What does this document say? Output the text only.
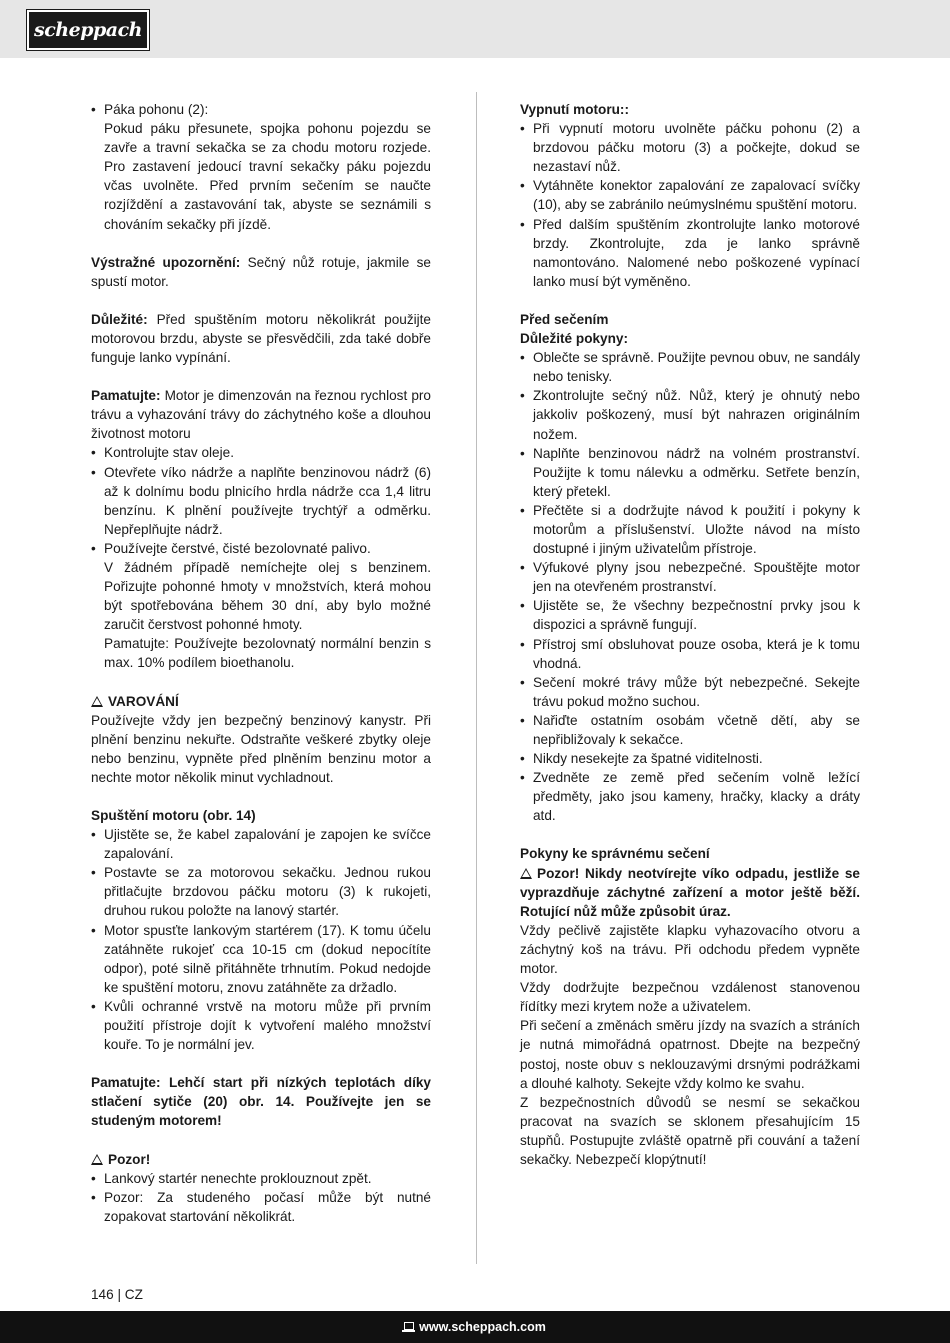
scheppach
• Páka pohonu (2):
Pokud páku přesunete, spojka pohonu pojezdu se zavře a travní sekačka se za chodu motoru rozjede. Pro zastavení jedoucí travní sekačky páku pojezdu včas uvolněte. Před prvním sečením se naučte rozjíždění a zastavování tak, abyste se seznámili s chováním sekačky při jízdě.

Výstražné upozornění: Sečný nůž rotuje, jakmile se spustí motor.

Důležité: Před spuštěním motoru několikrát použijte motorovou brzdu, abyste se přesvědčili, zda také dobře funguje lanko vypínání.

Pamatujte: Motor je dimenzován na řeznou rychlost pro trávu a vyhazování trávy do záchytného koše a dlouhou životnost motoru

• Kontrolujte stav oleje.
• Otevřete víko nádrže a naplňte benzinovou nádrž (6) až k dolnímu bodu plnicího hrdla nádrže cca 1,4 litru benzínu. K plnění používejte trychtýř a odměrku. Nepřeplňujte nádrž.
• Používejte čerstvé, čisté bezolovnaté palivo.
V žádném případě nemíchejte olej s benzinem. Pořizujte pohonné hmoty v množstvích, která mohou být spotřebována během 30 dní, aby bylo možné zaručit čerstvost pohonné hmoty.
Pamatujte: Používejte bezolovnatý normální benzin s max. 10% podílem bioethanolu.

VAROVÁNÍ

Používejte vždy jen bezpečný benzinový kanystr. Při plnění benzinu nekuřte. Odstraňte veškeré zbytky oleje nebo benzinu, vypněte před plněním benzinu motor a nechte motor několik minut vychladnout.

Spuštění motoru (obr. 14)

• Ujistěte se, že kabel zapalování je zapojen ke svíčce zapalování.
• Postavte se za motorovou sekačku. Jednou rukou přitlačujte brzdovou páčku motoru (3) k rukojeti, druhou rukou položte na lanový startér.
• Motor spusťte lankovým startérem (17). K tomu účelu zatáhněte rukojeť cca 10-15 cm (dokud nepocítíte odpor), poté silně přitáhněte trhnutím. Pokud nedojde ke spuštění motoru, znovu zatáhněte za držadlo.
• Kvůli ochranné vrstvě na motoru může při prvním použití přístroje dojít k vytvoření malého množství kouře. To je normální jev.

Pamatujte: Lehčí start při nízkých teplotách díky stlačení sytiče (20) obr. 14. Používejte jen se studeným motorem!

Pozor!

• Lankový startér nenechte proklouznout zpět.
• Pozor: Za studeného počasí může být nutné zopakovat startování několikrát.

Vypnutí motoru::

• Při vypnutí motoru uvolněte páčku pohonu (2) a brzdovou páčku motoru (3) a počkejte, dokud se nezastaví nůž.
• Vytáhněte konektor zapalování ze zapalovací svíčky (10), aby se zabránilo neúmyslnému spuštění motoru.
• Před dalším spuštěním zkontrolujte lanko motorové brzdy. Zkontrolujte, zda je lanko správně namontováno. Nalomené nebo poškozené vypínací lanko musí být vyměněno.

Před sečením

Důležité pokyny:

• Oblečte se správně. Použijte pevnou obuv, ne sandály nebo tenisky.
• Zkontrolujte sečný nůž. Nůž, který je ohnutý nebo jakkoliv poškozený, musí být nahrazen originálním nožem.
• Naplňte benzinovou nádrž na volném prostranství. Použijte k tomu nálevku a odměrku. Setřete benzín, který přetekl.
• Přečtěte si a dodržujte návod k použití i pokyny k motorům a příslušenství. Uložte návod na místo dostupné i jiným uživatelům přístroje.
• Výfukové plyny jsou nebezpečné. Spouštějte motor jen na otevřeném prostranství.
• Ujistěte se, že všechny bezpečnostní prvky jsou k dispozici a správně fungují.
• Přístroj smí obsluhovat pouze osoba, která je k tomu vhodná.
• Sečení mokré trávy může být nebezpečné. Sekejte trávu pokud možno suchou.
• Nařiďte ostatním osobám včetně dětí, aby se nepřibližovaly k sekačce.
• Nikdy nesekejte za špatné viditelnosti.
• Zvedněte ze země před sečením volně ležící předměty, jako jsou kameny, hračky, klacky a dráty atd.

Pokyny ke správnému sečení

Pozor! Nikdy neotvírejte víko odpadu, jestliže se vyprazdňuje záchytné zařízení a motor ještě běží. Rotující nůž může způsobit úraz.

Vždy pečlivě zajistěte klapku vyhazovacího otvoru a záchytný koš na trávu. Při odchodu předem vypněte motor.

Vždy dodržujte bezpečnou vzdálenost stanovenou řídítky mezi krytem nože a uživatelem.

Při sečení a změnách směru jízdy na svazích a stráních je nutná mimořádná opatrnost. Dbejte na bezpečný postoj, noste obuv s neklouzavými drsnými podrážkami a dlouhé kalhoty. Sekejte vždy kolmo ke svahu.

Z bezpečnostních důvodů se nesmí se sekačkou pracovat na svazích se sklonem přesahujícím 15 stupňů. Postupujte zvláště opatrně při couvání a tažení sekačky. Nebezpečí klopýtnutí!

146 | CZ
www.scheppach.com
